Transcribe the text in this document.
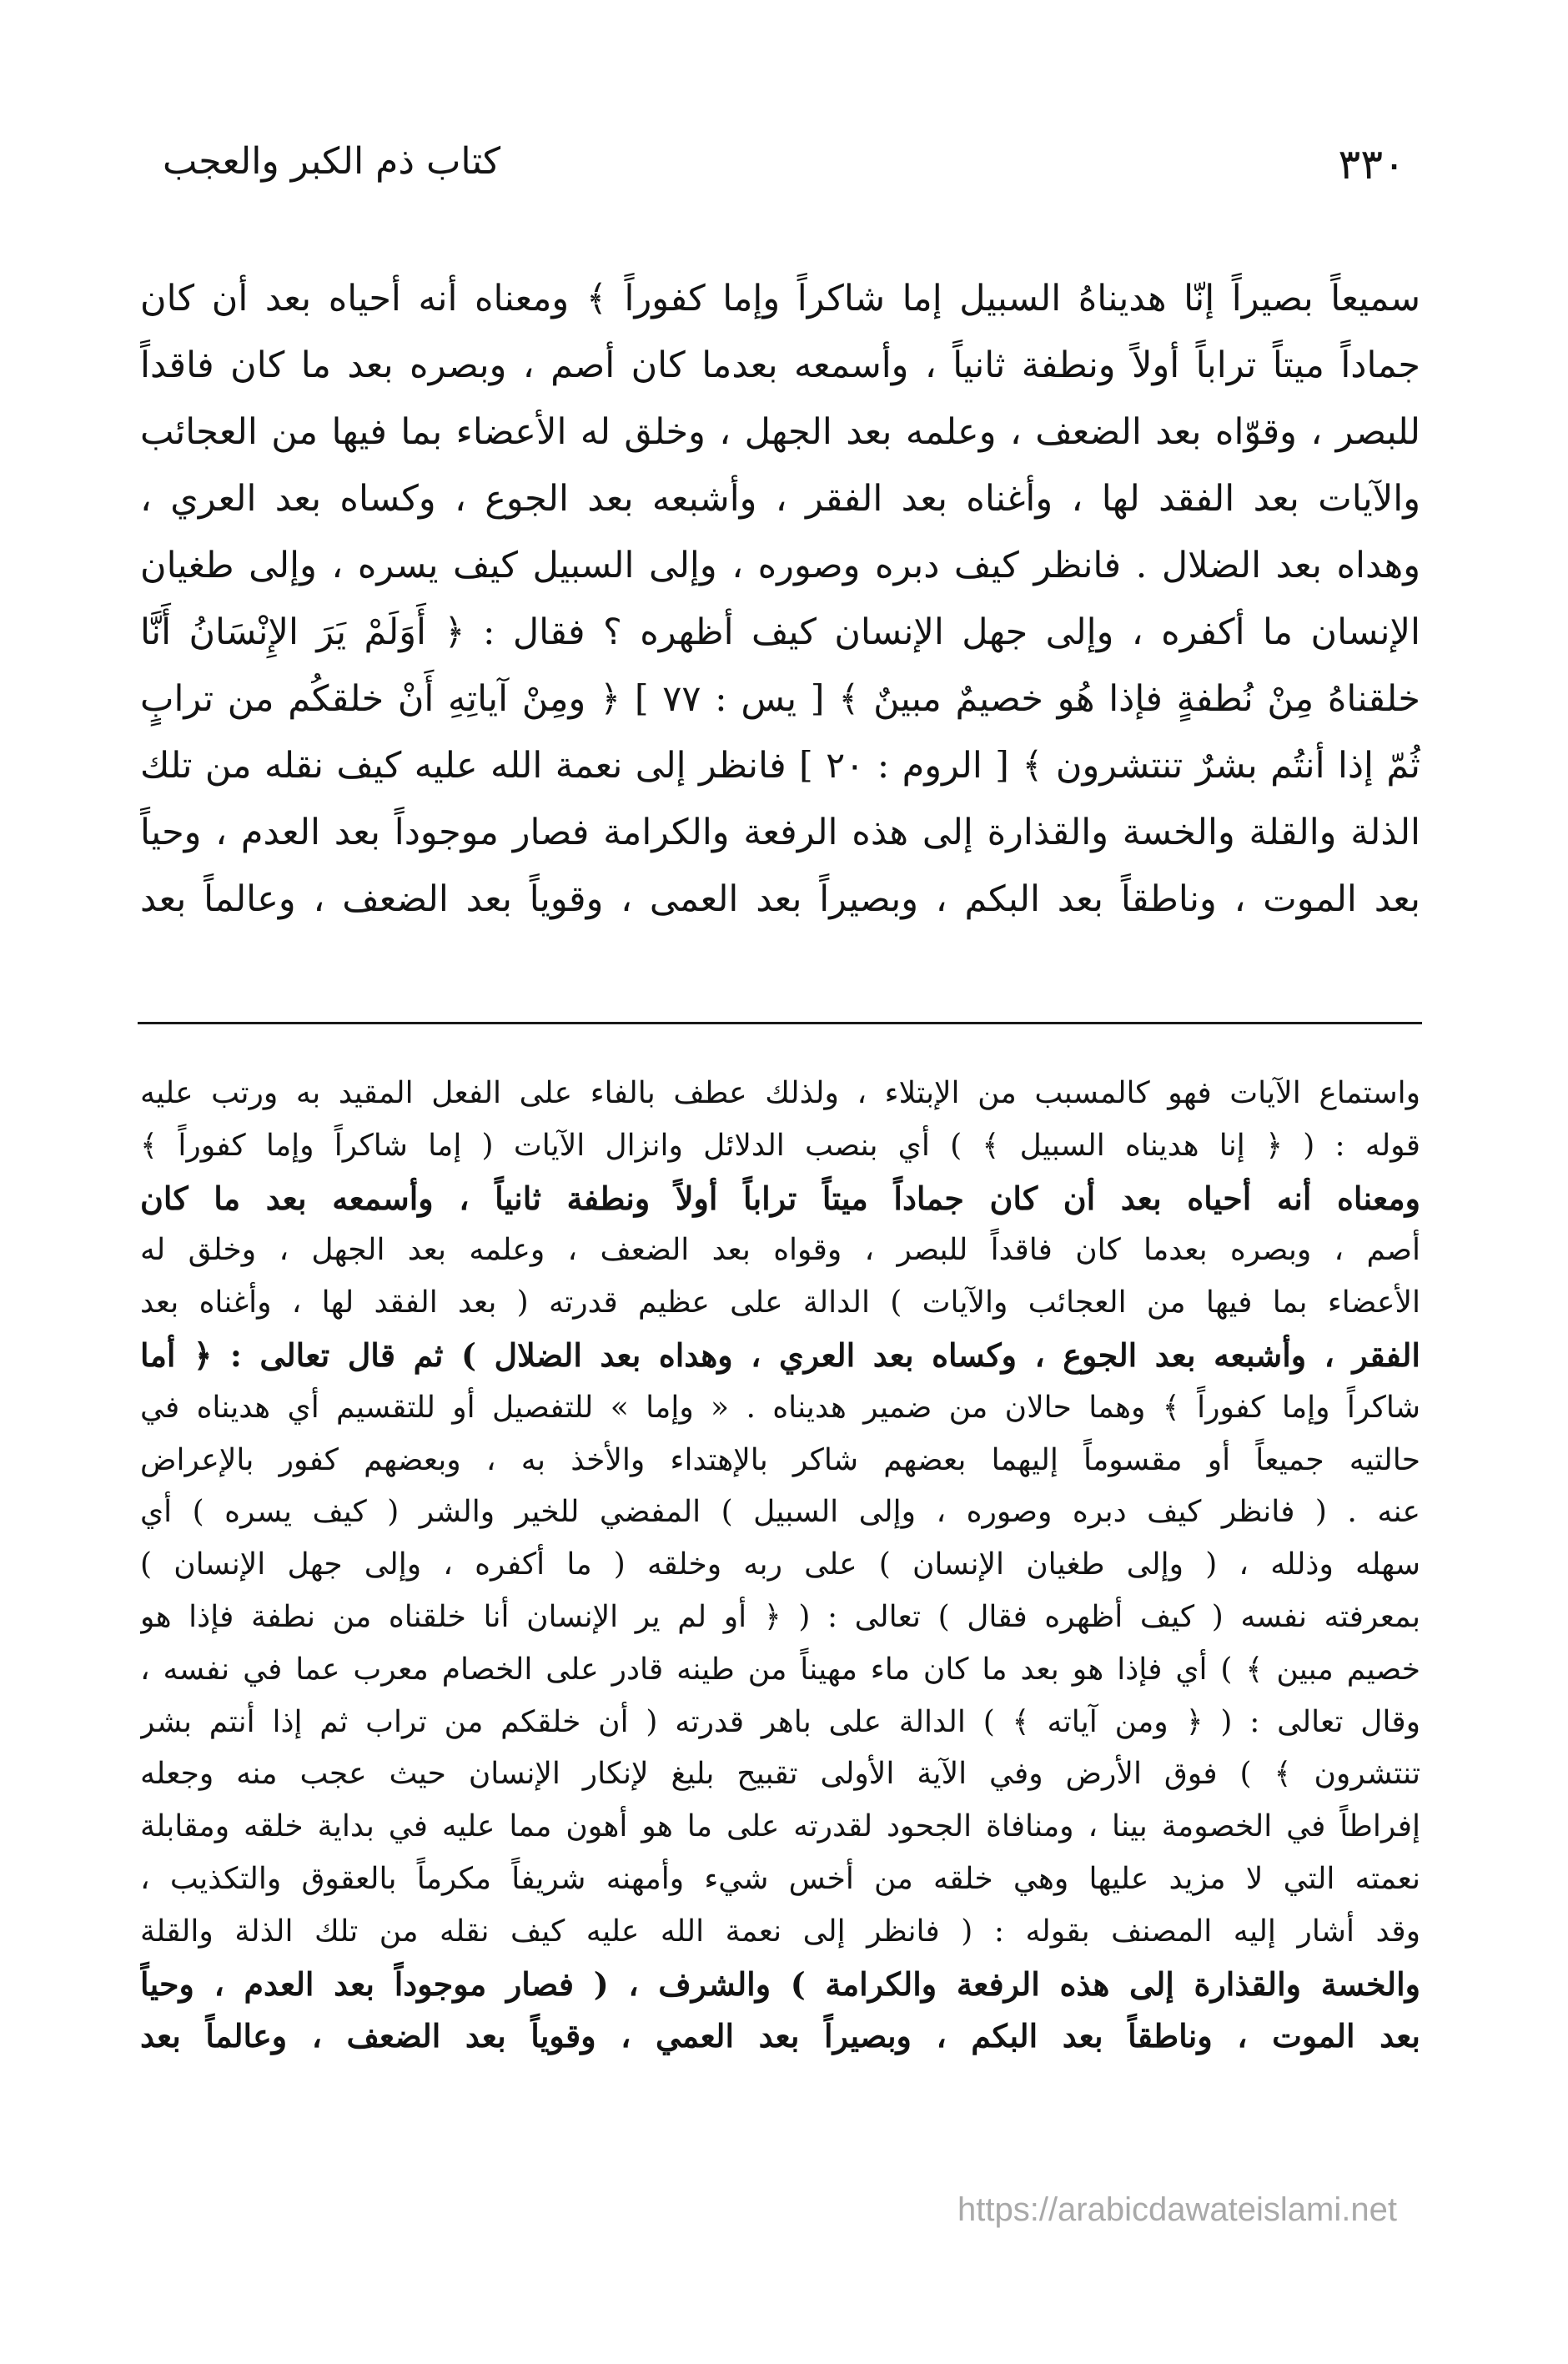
٣٣٠
كتاب ذم الكبر والعجب
سميعاً بصيراً إنّا هديناهُ السبيل إما شاكراً وإما كفوراً ﴾ ومعناه أنه أحياه بعد أن كان
جماداً ميتاً تراباً أولاً ونطفة ثانياً ، وأسمعه بعدما كان أصم ، وبصره بعد ما كان فاقداً
للبصر ، وقوّاه بعد الضعف ، وعلمه بعد الجهل ، وخلق له الأعضاء بما فيها من العجائب
والآيات بعد الفقد لها ، وأغناه بعد الفقر ، وأشبعه بعد الجوع ، وكساه بعد العري ،
وهداه بعد الضلال . فانظر كيف دبره وصوره ، وإلى السبيل كيف يسره ، وإلى طغيان
الإنسان ما أكفره ، وإلى جهل الإنسان كيف أظهره ؟ فقال : ﴿ أَوَلَمْ يَرَ الإِنْسَانُ أَنَّا
خلقناهُ مِنْ نُطفةٍ فإذا هُو خصيمٌ مبينٌ ﴾ [ يس : ٧٧ ] ﴿ ومِنْ آياتِهِ أَنْ خلقكُم من ترابٍ
ثُمّ إذا أنتُم بشرٌ تنتشرون ﴾ [ الروم : ٢٠ ] فانظر إلى نعمة الله عليه كيف نقله من تلك
الذلة والقلة والخسة والقذارة إلى هذه الرفعة والكرامة فصار موجوداً بعد العدم ، وحياً
بعد الموت ، وناطقاً بعد البكم ، وبصيراً بعد العمى ، وقوياً بعد الضعف ، وعالماً بعد
واستماع الآيات فهو كالمسبب من الإبتلاء ، ولذلك عطف بالفاء على الفعل المقيد به ورتب عليه
قوله : ( ﴿ إنا هديناه السبيل ﴾ ) أي بنصب الدلائل وانزال الآيات ( إما شاكراً وإما كفوراً ﴾
ومعناه أنه أحياه بعد أن كان جماداً ميتاً تراباً أولاً ونطفة ثانياً ، وأسمعه بعد ما كان
أصم ، وبصره بعدما كان فاقداً للبصر ، وقواه بعد الضعف ، وعلمه بعد الجهل ، وخلق له
الأعضاء بما فيها من العجائب والآيات ) الدالة على عظيم قدرته ( بعد الفقد لها ، وأغناه بعد
الفقر ، وأشبعه بعد الجوع ، وكساه بعد العري ، وهداه بعد الضلال ) ثم قال تعالى : ﴿ أما
شاكراً وإما كفوراً ﴾ وهما حالان من ضمير هديناه . « وإما » للتفصيل أو للتقسيم أي هديناه في
حالتيه جميعاً أو مقسوماً إليهما بعضهم شاكر بالإهتداء والأخذ به ، وبعضهم كفور بالإعراض
عنه . ( فانظر كيف دبره وصوره ، وإلى السبيل ) المفضي للخير والشر ( كيف يسره ) أي
سهله وذلله ، ( وإلى طغيان الإنسان ) على ربه وخلقه ( ما أكفره ، وإلى جهل الإنسان )
بمعرفته نفسه ( كيف أظهره فقال ) تعالى : ( ﴿ أو لم ير الإنسان أنا خلقناه من نطفة فإذا هو
خصيم مبين ﴾ ) أي فإذا هو بعد ما كان ماء مهيناً من طينه قادر على الخصام معرب عما في نفسه ،
وقال تعالى : ( ﴿ ومن آياته ﴾ ) الدالة على باهر قدرته ( أن خلقكم من تراب ثم إذا أنتم بشر
تنتشرون ﴾ ) فوق الأرض وفي الآية الأولى تقبيح بليغ لإنكار الإنسان حيث عجب منه وجعله
إفراطاً في الخصومة بينا ، ومنافاة الجحود لقدرته على ما هو أهون مما عليه في بداية خلقه ومقابلة
نعمته التي لا مزيد عليها وهي خلقه من أخس شيء وأمهنه شريفاً مكرماً بالعقوق والتكذيب ،
وقد أشار إليه المصنف بقوله : ( فانظر إلى نعمة الله عليه كيف نقله من تلك الذلة والقلة
والخسة والقذارة إلى هذه الرفعة والكرامة ) والشرف ، ( فصار موجوداً بعد العدم ، وحياً
بعد الموت ، وناطقاً بعد البكم ، وبصيراً بعد العمي ، وقوياً بعد الضعف ، وعالماً بعد
https://arabicdawateislami.net
